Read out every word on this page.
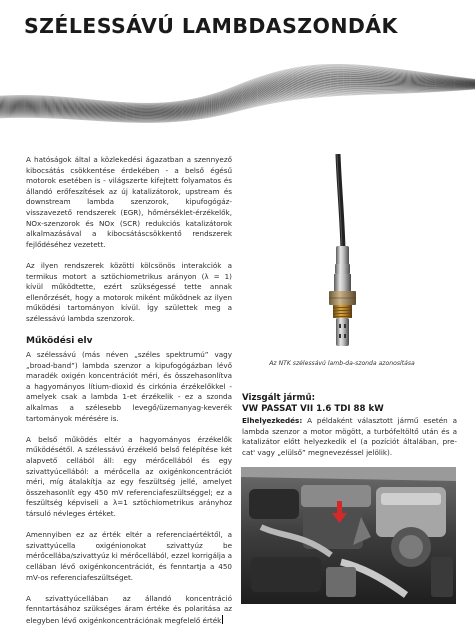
SZÉLESSÁVÚ LAMBDASZONDÁK

A hatóságok által a közlekedési ágazatban a szennyező kibocsátás csökkentése érdekében - a belső égésű motorok esetében is - világszerte kifejtett folyamatos és állandó erőfeszítések az új katalizátorok, upstream és downstream lambda szenzorok, kipufogógáz-visszavezető rendszerek (EGR), hőmérséklet-érzékelők, NOx-szenzorok és NOx (SCR) redukciós katalizátorok alkalmazásával a kibocsátáscsökkentő rendszerek fejlődéséhez vezetett.

Az ilyen rendszerek közötti kölcsönös interakciók a termikus motort a sztöchiometrikus arányon (λ = 1) kívül működtette, ezért szükségessé tette annak ellenőrzését, hogy a motorok miként működnek az ilyen működési tartományon kívül. Így születtek meg a szélessávú lambda szenzorok.

Működési elv

A szélessávú (más néven „széles spektrumú” vagy „broad-band”) lambda szenzor a kipufogógázban lévő maradék oxigén koncentrációt méri, és összehasonlítva a hagyományos lítium-dioxid és cirkónia érzékelőkkel - amelyek csak a lambda 1-et érzékelik - ez a szonda alkalmas a szélesebb levegő/üzemanyag-keverék tartományok mérésére is.

A belső működés eltér a hagyományos érzékelők működésétől. A szélessávú érzékelő belső felépítése két alapvető cellából áll: egy mérőcellából és egy szivattyúcellából: a mérőcella az oxigénkoncentrációt méri, míg átalakítja az egy feszültség jellé, amelyet összehasonlít egy 450 mV referenciafeszültséggel; ez a feszültség képviseli a λ=1 sztöchiometrikus arányhoz társuló névleges értéket.

Amennyiben ez az érték eltér a referenciaértéktől, a szivattyúcella oxigénionokat szivattyúz be mérőcellába/szivattyúz ki mérőcellából, ezzel korrigálja a cellában lévő oxigénkoncentrációt, és fenntartja a 450 mV-os referenciafeszültséget.

A szivattyúcellában az állandó koncentráció fenntartásához szükséges áram értéke és polaritása az elegyben lévő oxigénkoncentrációnak megfelelő érték

Az NTK szélessávú lamb-da-szonda azonosítása
Vizsgált jármű:
VW PASSAT VII 1.6 TDI 88 kW
Elhelyezkedés: A példaként választott jármű esetén a lambda szenzor a motor mögött, a turbófeltöltő után és a katalizátor előtt helyezkedik el (a pozíciót általában, pre-cat' vagy „elülső” megnevezéssel jelölik).
